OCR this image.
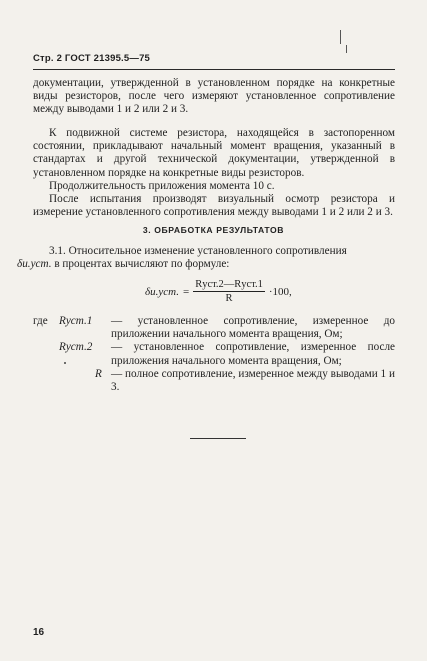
Стр. 2 ГОСТ 21395.5—75

документации, утвержденной в установленном порядке на конкретные виды резисторов, после чего измеряют установленное сопротивление между выводами 1 и 2 или 2 и 3.

К подвижной системе резистора, находящейся в застопоренном состоянии, прикладывают начальный момент вращения, указанный в стандартах и другой технической документации, утвержденной в установленном порядке на конкретные виды резисторов.

Продолжительность приложения момента 10 с.

После испытания производят визуальный осмотр резистора и измерение установленного сопротивления между выводами 1 и 2 или 2 и 3.

3. ОБРАБОТКА РЕЗУЛЬТАТОВ

3.1. Относительное изменение установленного сопротивления
δи.уст. в процентах вычисляют по формуле:

δи.уст. = $\frac{\text{Rуст.2—Rуст.1}}{R} \cdot 100$,
где Rуст.1 — установленное сопротивление, измеренное до приложении начального момента вращения, Ом;
Rуст.2 — установленное сопротивление, измеренное после приложения начального момента вращения, Ом;
R — полное сопротивление, измеренное между выводами 1 и 3.
16
